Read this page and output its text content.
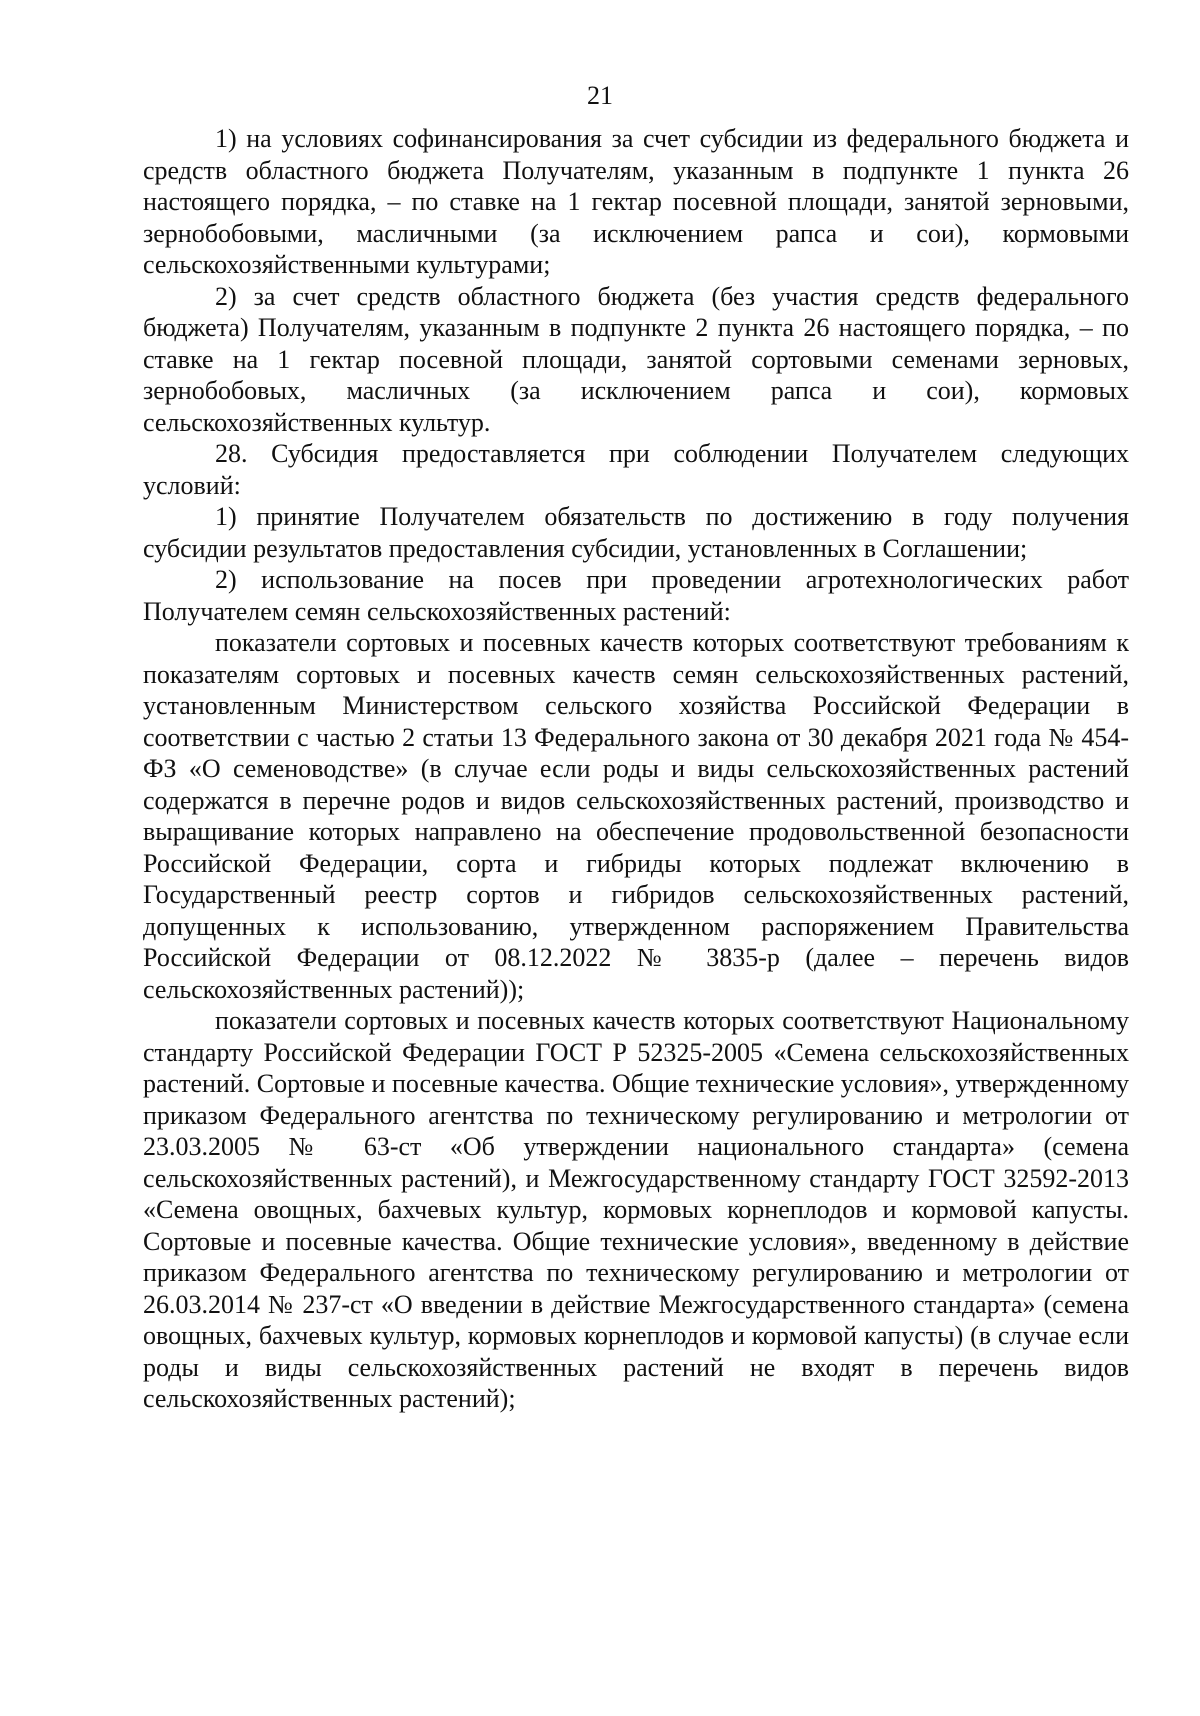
21

1) на условиях софинансирования за счет субсидии из федерального бюджета и средств областного бюджета Получателям, указанным в подпункте 1 пункта 26 настоящего порядка, – по ставке на 1 гектар посевной площади, занятой зерновыми, зернобобовыми, масличными (за исключением рапса и сои), кормовыми сельскохозяйственными культурами;

2) за счет средств областного бюджета (без участия средств федерального бюджета) Получателям, указанным в подпункте 2 пункта 26 настоящего порядка, – по ставке на 1 гектар посевной площади, занятой сортовыми семенами зерновых, зернобобовых, масличных (за исключением рапса и сои), кормовых сельскохозяйственных культур.

28. Субсидия предоставляется при соблюдении Получателем следующих условий:

1) принятие Получателем обязательств по достижению в году получения субсидии результатов предоставления субсидии, установленных в Соглашении;

2) использование на посев при проведении агротехнологических работ Получателем семян сельскохозяйственных растений:

показатели сортовых и посевных качеств которых соответствуют требованиям к показателям сортовых и посевных качеств семян сельскохозяйственных растений, установленным Министерством сельского хозяйства Российской Федерации в соответствии с частью 2 статьи 13 Федерального закона от 30 декабря 2021 года № 454-ФЗ «О семеноводстве» (в случае если роды и виды сельскохозяйственных растений содержатся в перечне родов и видов сельскохозяйственных растений, производство и выращивание которых направлено на обеспечение продовольственной безопасности Российской Федерации, сорта и гибриды которых подлежат включению в Государственный реестр сортов и гибридов сельскохозяйственных растений, допущенных к использованию, утвержденном распоряжением Правительства Российской Федерации от 08.12.2022 № 3835-р (далее – перечень видов сельскохозяйственных растений));

показатели сортовых и посевных качеств которых соответствуют Национальному стандарту Российской Федерации ГОСТ Р 52325-2005 «Семена сельскохозяйственных растений. Сортовые и посевные качества. Общие технические условия», утвержденному приказом Федерального агентства по техническому регулированию и метрологии от 23.03.2005 № 63-ст «Об утверждении национального стандарта» (семена сельскохозяйственных растений), и Межгосударственному стандарту ГОСТ 32592-2013 «Семена овощных, бахчевых культур, кормовых корнеплодов и кормовой капусты. Сортовые и посевные качества. Общие технические условия», введенному в действие приказом Федерального агентства по техническому регулированию и метрологии от 26.03.2014 № 237-ст «О введении в действие Межгосударственного стандарта» (семена овощных, бахчевых культур, кормовых корнеплодов и кормовой капусты) (в случае если роды и виды сельскохозяйственных растений не входят в перечень видов сельскохозяйственных растений);
